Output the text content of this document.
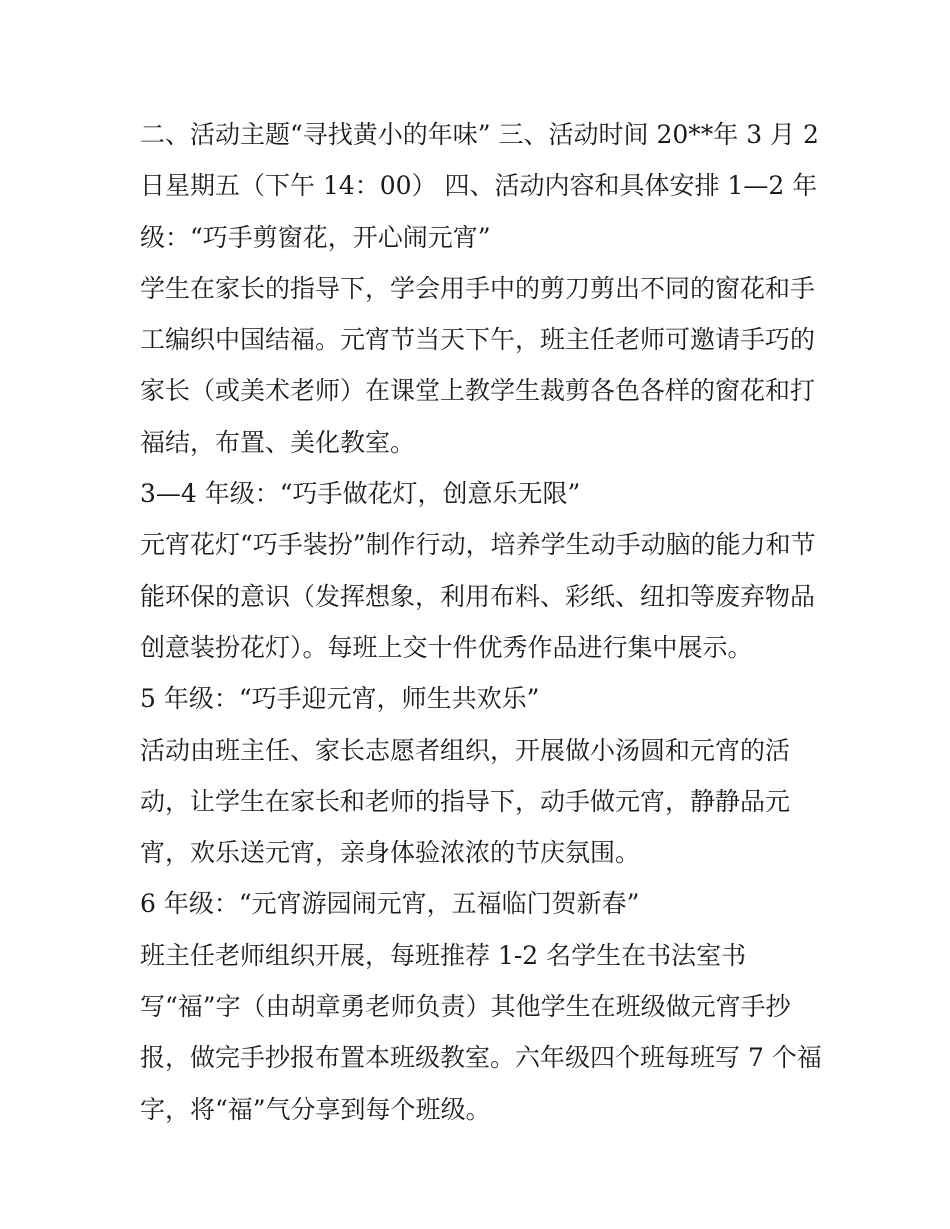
二、活动主题“寻找黄小的年味” 三、活动时间 20**年 3 月 2
日星期五（下午 14：00） 四、活动内容和具体安排 1—2 年
级：“巧手剪窗花，开心闹元宵”
学生在家长的指导下，学会用手中的剪刀剪出不同的窗花和手
工编织中国结福。元宵节当天下午，班主任老师可邀请手巧的
家长（或美术老师）在课堂上教学生裁剪各色各样的窗花和打
福结，布置、美化教室。
3—4 年级：“巧手做花灯，创意乐无限”
元宵花灯“巧手装扮”制作行动，培养学生动手动脑的能力和节
能环保的意识（发挥想象，利用布料、彩纸、纽扣等废弃物品
创意装扮花灯）。每班上交十件优秀作品进行集中展示。
5 年级：“巧手迎元宵，师生共欢乐”
活动由班主任、家长志愿者组织，开展做小汤圆和元宵的活
动，让学生在家长和老师的指导下，动手做元宵，静静品元
宵，欢乐送元宵，亲身体验浓浓的节庆氛围。
6 年级：“元宵游园闹元宵，五福临门贺新春”
班主任老师组织开展，每班推荐 1-2 名学生在书法室书
写“福”字（由胡章勇老师负责）其他学生在班级做元宵手抄
报，做完手抄报布置本班级教室。六年级四个班每班写 7 个福
字，将“福”气分享到每个班级。
